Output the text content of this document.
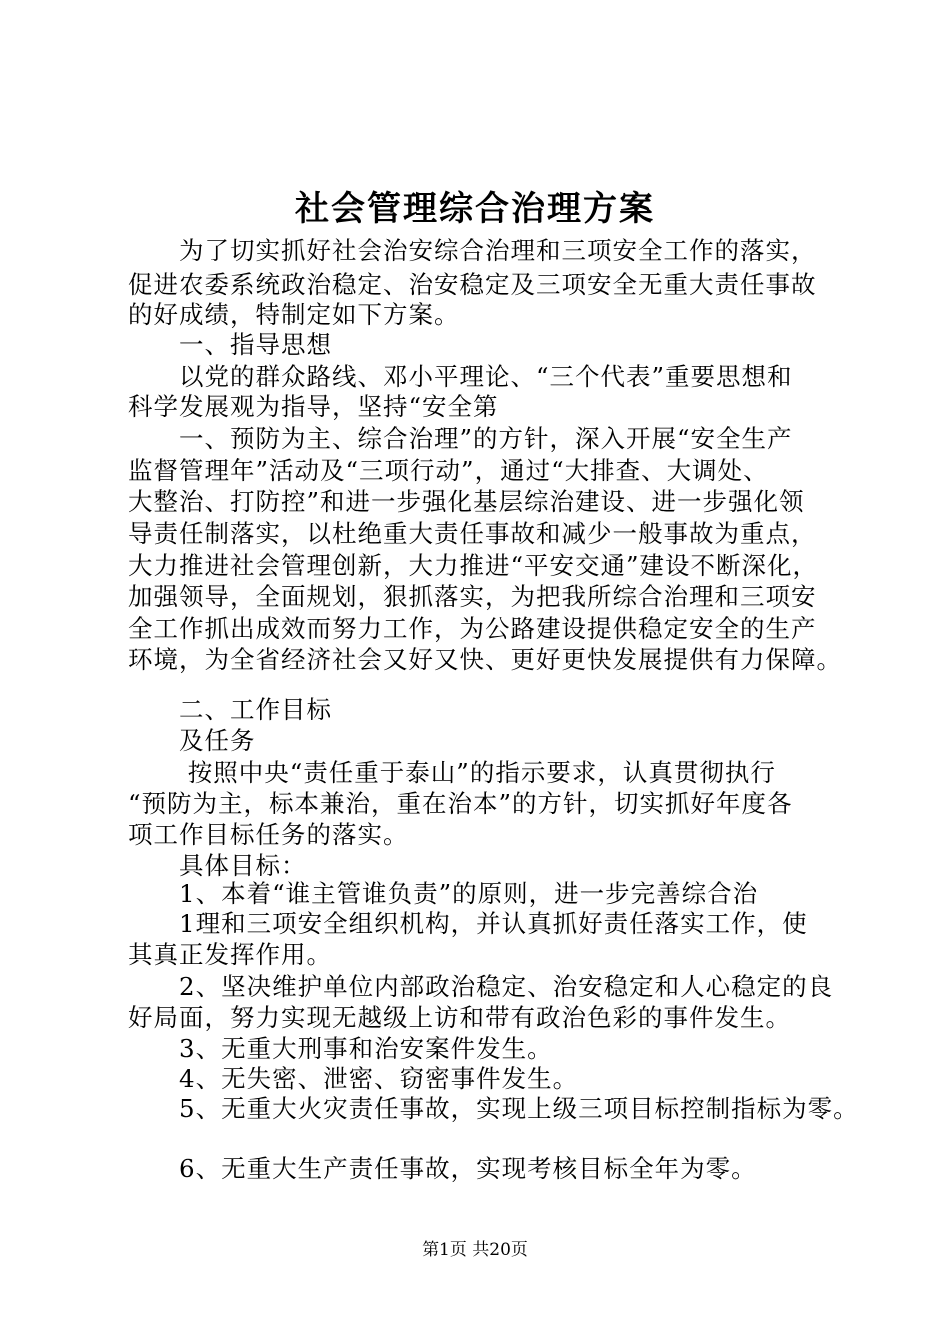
社会管理综合治理方案
　　为了切实抓好社会治安综合治理和三项安全工作的落实，
促进农委系统政治稳定、治安稳定及三项安全无重大责任事故
的好成绩，特制定如下方案。
　　一、指导思想
　　以党的群众路线、邓小平理论、“三个代表”重要思想和
科学发展观为指导，坚持“安全第
　　一、预防为主、综合治理”的方针，深入开展“安全生产
监督管理年”活动及“三项行动”，通过“大排查、大调处、
大整治、打防控”和进一步强化基层综治建设、进一步强化领
导责任制落实，以杜绝重大责任事故和减少一般事故为重点，
大力推进社会管理创新，大力推进“平安交通”建设不断深化，
加强领导，全面规划，狠抓落实，为把我所综合治理和三项安
全工作抓出成效而努力工作，为公路建设提供稳定安全的生产
环境，为全省经济社会又好又快、更好更快发展提供有力保障。
　　二、工作目标
　　及任务
　　 按照中央“责任重于泰山”的指示要求，认真贯彻执行
“预防为主，标本兼治，重在治本”的方针，切实抓好年度各
项工作目标任务的落实。
　　具体目标：
　　1、本着“谁主管谁负责”的原则，进一步完善综合治
　　1理和三项安全组织机构，并认真抓好责任落实工作，使
其真正发挥作用。
　　2、坚决维护单位内部政治稳定、治安稳定和人心稳定的良
好局面，努力实现无越级上访和带有政治色彩的事件发生。
　　3、无重大刑事和治安案件发生。
　　4、无失密、泄密、窃密事件发生。
　　5、无重大火灾责任事故，实现上级三项目标控制指标为零。
　　6、无重大生产责任事故，实现考核目标全年为零。
第1页 共20页
